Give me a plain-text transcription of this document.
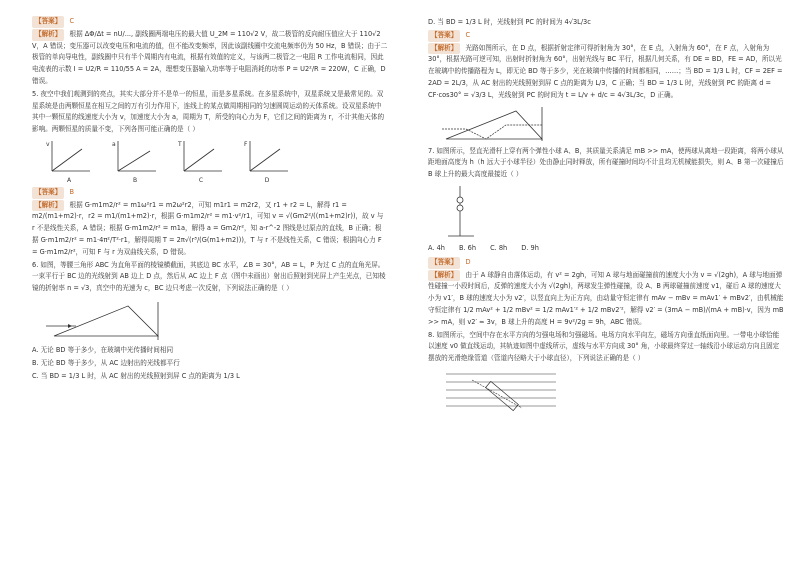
【答案】 C
【解析】 根据 ΔΦ/Δt = nU/..., 副线圈两端电压的最大值 U_2M = 110√2 V，故二极管的反向耐压值应大于 110√2 V，A 错误；变压器可以改变电压和电流的值，但不能改变频率，因此该副线圈中交流电频率仍为 50 Hz，B 错误；由于二极管的单向导电性，副线圈中只有半个周期内有电流，根据有效值的定义，与该两二极管之一电阻 R 工作电流相同，因此电流表的示数 I = U2/R = 110/55 A = 2A，理想变压器输入功率等于电阻消耗的功率 P = U2²/R = 220W，C 正确，D 错误。
5. 夜空中我们观测到的亮点，其实大部分并不是单一的恒星，而是多星系统。在多星系统中，双星系统又是最常见的。双星系统是由两颗恒星在相互之间的万有引力作用下，连线上的某点做周期相同的匀速圆周运动的天体系统。设双星系统中其中一颗恒星的线速度大小为 v，加速度大小为 a，周期为 T，所受的向心力为 F，它们之间的距离为 r，不计其他天体的影响。两颗恒星的质量不变，下列各图可能正确的是（ ）
v
A
a
B
T
C
F
D
【答案】 B
【解析】 根据 G·m1m2/r² = m1ω²r1 = m2ω²r2，可知 m1r1 = m2r2，又 r1 + r2 = L，解得 r1 = m2/(m1+m2)·r，r2 = m1/(m1+m2)·r，根据 G·m1m2/r² = m1·v²/r1，可知 v = √(Gm2²/((m1+m2)r))，故 v 与 r 不是线性关系，A 错误；根据 G·m1m2/r² = m1a，解得 a = Gm2/r²，知 a-r^-2 图线是过原点的直线，B 正确；根据 G·m1m2/r² = m1·4π²/T²·r1，解得周期 T = 2π√(r³/(G(m1+m2)))，T 与 r 不是线性关系，C 错误；根据向心力 F = G·m1m2/r²，可知 F 与 r 为双曲线关系，D 错误。
6. 如图，等腰三角形 ABC 为直角平面的棱镜横截面，其底边 BC 水平，∠B = 30°，AB = L，P 为过 C 点的直角光屏。一束平行于 BC 边的光线射到 AB 边上 D 点，然后从 AC 边上 F 点（图中未画出）射出后照射到光屏上产生光点，已知棱镜的折射率 n = √3，真空中的光速为 c，BC 边只考虑一次反射，下列说法正确的是（ ）
A. 无论 BD 等于多少，在玻璃中光传播时间相同
B. 无论 BD 等于多少，从 AC 边射出的光线都平行
C. 当 BD = 1/3 L 时，从 AC 射出的光线照射到屏 C 点的距离为 1/3 L
D. 当 BD = 1/3 L 时，光线射到 PC 的时间为 4√3L/3c
【答案】 C
【解析】 光路如图所示，在 D 点，根据折射定律可得折射角为 30°，在 E 点，入射角为 60°，在 F 点，入射角为 30°，根据光路可逆可知，出射时折射角为 60°，出射光线与 BC 平行，根据几何关系，有 DE = BD，FE = AD，所以光在玻璃中的传播路程为 L，即无论 BD 等于多少，光在玻璃中传播的时间都相同，……；当 BD = 1/3 L 时，CF = 2EF = 2AD = 2L/3，从 AC 射出的光线照射到屏 C 点的距离为 L/3，C 正确；当 BD = 1/3 L 时，光线射到 PC 的距离 d = CF·cos30° = √3/3 L，光线射到 PC 的时间为 t = L/v + d/c = 4√3L/3c，D 正确。
7. 如图所示，竖直光滑杆上穿有两个弹性小球 A、B，其质量关系满足 mB >> mA，使两球从离地一段距离，将两小球从距地面高度为 h（h 远大于小球半径）处由静止同时释放，所有碰撞时间均不计且均无机械能损失，则 A、B 第一次碰撞后 B 球上升的最大高度最接近（ ）
A. 4h B. 6h C. 8h D. 9h
【答案】 D
【解析】 由于 A 球静自由落体运动，有 v² = 2gh，可知 A 球与地面碰撞前的速度大小为 v = √(2gh)，A 球与地面弹性碰撞一小段时间后，反弹的速度大小为 √(2gh)，两球发生弹性碰撞，设 A、B 两球碰撞前速度 v1，碰后 A 球的速度大小为 v1′，B 球的速度大小为 v2′，以竖直向上为正方向，由动量守恒定律有 mAv − mBv = mAv1′ + mBv2′，由机械能守恒定律有 1/2 mAv² + 1/2 mBv² = 1/2 mAv1′² + 1/2 mBv2′²，解得 v2′ = (3mA − mB)/(mA + mB)·v，因为 mB >> mA，则 v2′ ≈ 3v，B 球上升的高度 H = 9v²/2g = 9h，ABC 错误。
8. 如图所示，空间中存在水平方向的匀强电场和匀强磁场。电场方向水平向左，磁场方向垂直纸面向里。一带电小球恰能以速度 v0 做直线运动，其轨迹如图中虚线所示，虚线与水平方向成 30° 角，小球最终穿过一轴线沿小球运动方向且固定摆放的光滑绝缘管道（管道内径略大于小球直径），下列说法正确的是（ ）
